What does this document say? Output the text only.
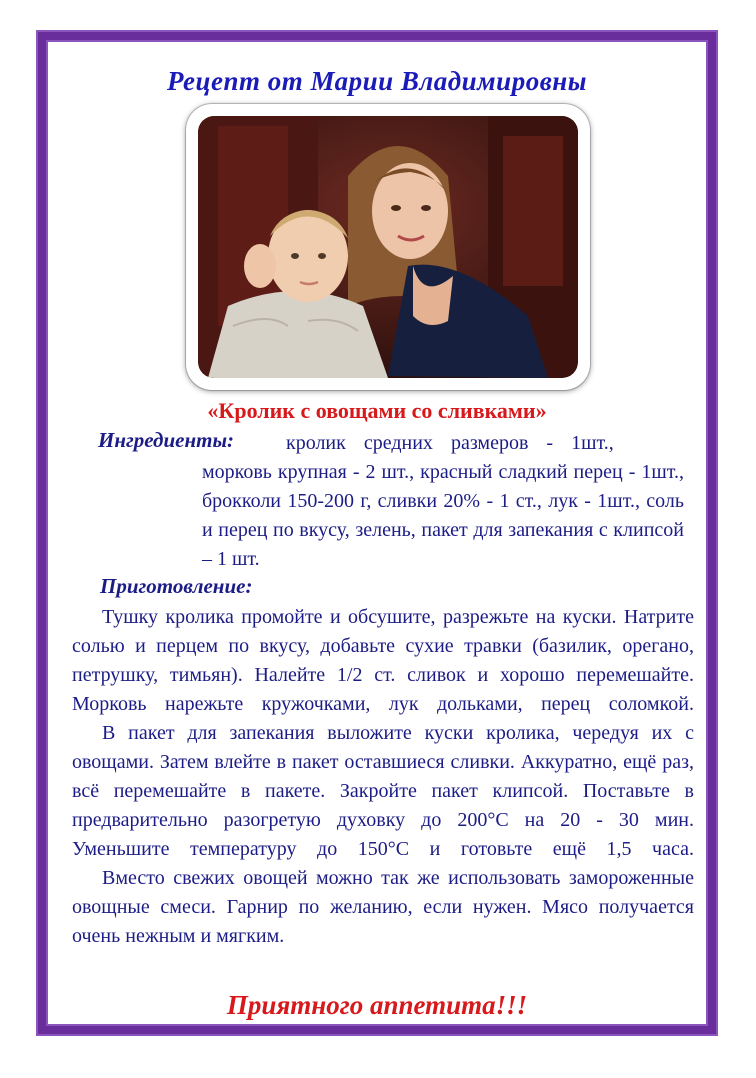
Рецепт от Марии Владимировны
«Кролик с овощами со сливками»
Ингредиенты:	кролик средних размеров - 1шт.,
морковь крупная - 2 шт., красный сладкий перец - 1шт., брокколи 150-200 г, сливки 20% - 1 ст., лук - 1шт., соль и перец по вкусу, зелень, пакет для запекания с клипсой – 1 шт.
Приготовление:

Тушку кролика промойте и обсушите, разрежьте на куски. Натрите солью и перцем по вкусу, добавьте сухие травки (базилик, орегано, петрушку, тимьян). Налейте 1/2 ст. сливок и хорошо перемешайте. Морковь нарежьте кружочками, лук дольками, перец соломкой.

В пакет для запекания выложите куски кролика, чередуя их с овощами. Затем влейте в пакет оставшиеся сливки. Аккуратно, ещё раз, всё перемешайте в пакете. Закройте пакет клипсой. Поставьте в предварительно разогретую духовку до 200°C на 20 - 30 мин. Уменьшите температуру до 150°C и готовьте ещё 1,5 часа.

Вместо свежих овощей можно так же использовать замороженные овощные смеси. Гарнир по желанию, если нужен. Мясо получается очень нежным и мягким.

Приятного аппетита!!!
